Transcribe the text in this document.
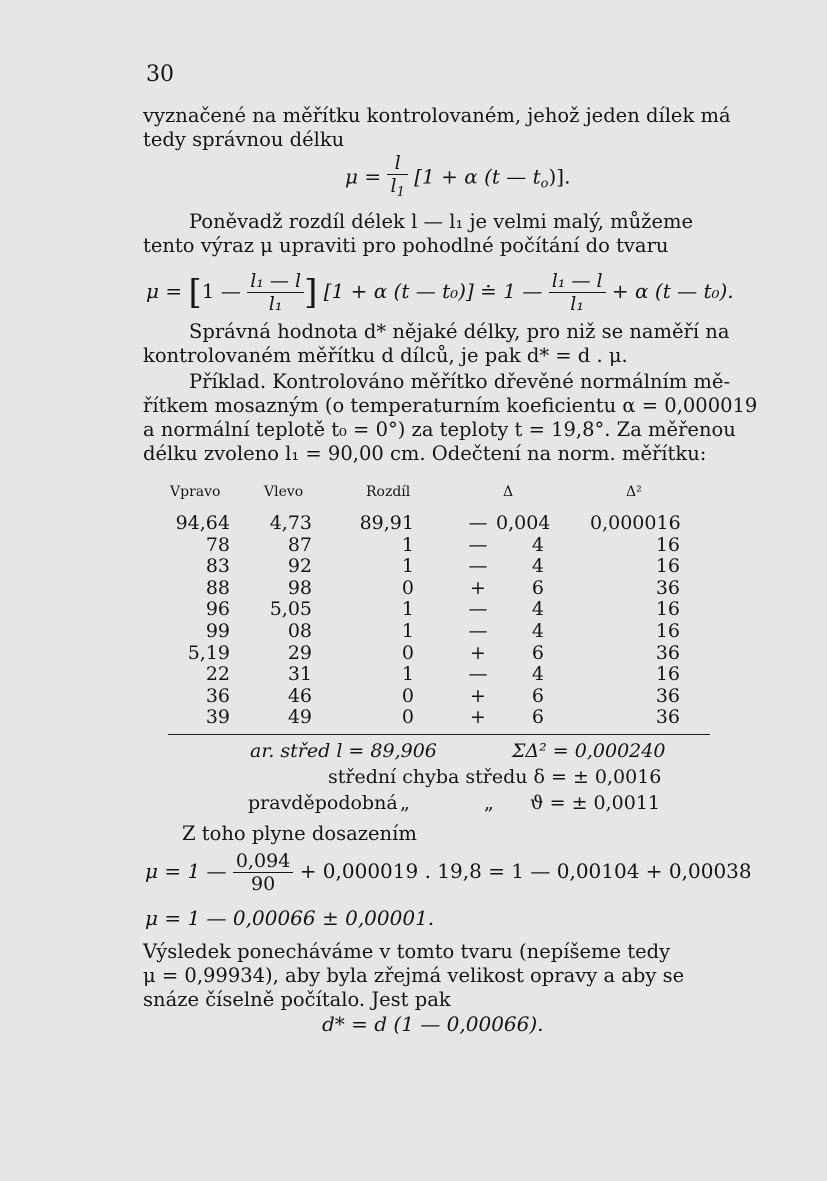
30
vyznačené na měřítku kontrolovaném, jehož jeden dílek má
tedy správnou délku
$\mu = \frac{l}{l_1} [1 + \alpha$ (t — $t_o$)].
Poněvadž rozdíl délek l — l₁ je velmi malý, můžeme
tento výraz μ upraviti pro pohodlné počítání do tvaru
μ = [1 — $\frac{\text{l₁ — l}}{\text{l₁}}$ ] [1 + α (t — t₀)] ≐ 1 — $\frac{\text{l₁ — l}}{\text{l₁}} + \alpha$ (t — t₀).
Správná hodnota d* nějaké délky, pro niž se naměří na
kontrolovaném měřítku d dílců, je pak d* = d . μ.
Příklad. Kontrolováno měřítko dřevěné normálním mě-
řítkem mosazným (o temperaturním koeficientu α = 0,000019
a normální teplotě t₀ = 0°) za teploty t = 19,8°. Za měřenou
délku zvoleno l₁ = 90,00 cm. Odečtení na norm. měřítku:
Vpravo	Vlevo	Rozdíl	Δ	Δ²
94,64	4,73	89,91	— 0,004 0,000016
78	87	1	—	4	16
83	92	1	—	4	16
88	98	0	+	6	36
96	5,05	1	—	4	16
99	08	1	—	4	16
5,19	29	0	+	6	36
22	31	1	—	4	16
36	46	0	+	6	36
39	49	0	+	6	36
ar. střed l = 89,906	ΣΔ² = 0,000240
střední chyba středu δ = ± 0,0016
pravděpodobná „	„ ϑ = ± 0,0011
Z toho plyne dosazením
μ = 1 — $\frac{0,094}{90} + 0,000019$ . 19,8 = 1 — 0,00104 + 0,00038
μ = 1 — 0,00066 ± 0,00001.
Výsledek ponecháváme v tomto tvaru (nepíšeme tedy
μ = 0,99934), aby byla zřejmá velikost opravy a aby se
snáze číselně počítalo. Jest pak
d* = d (1 — 0,00066).
